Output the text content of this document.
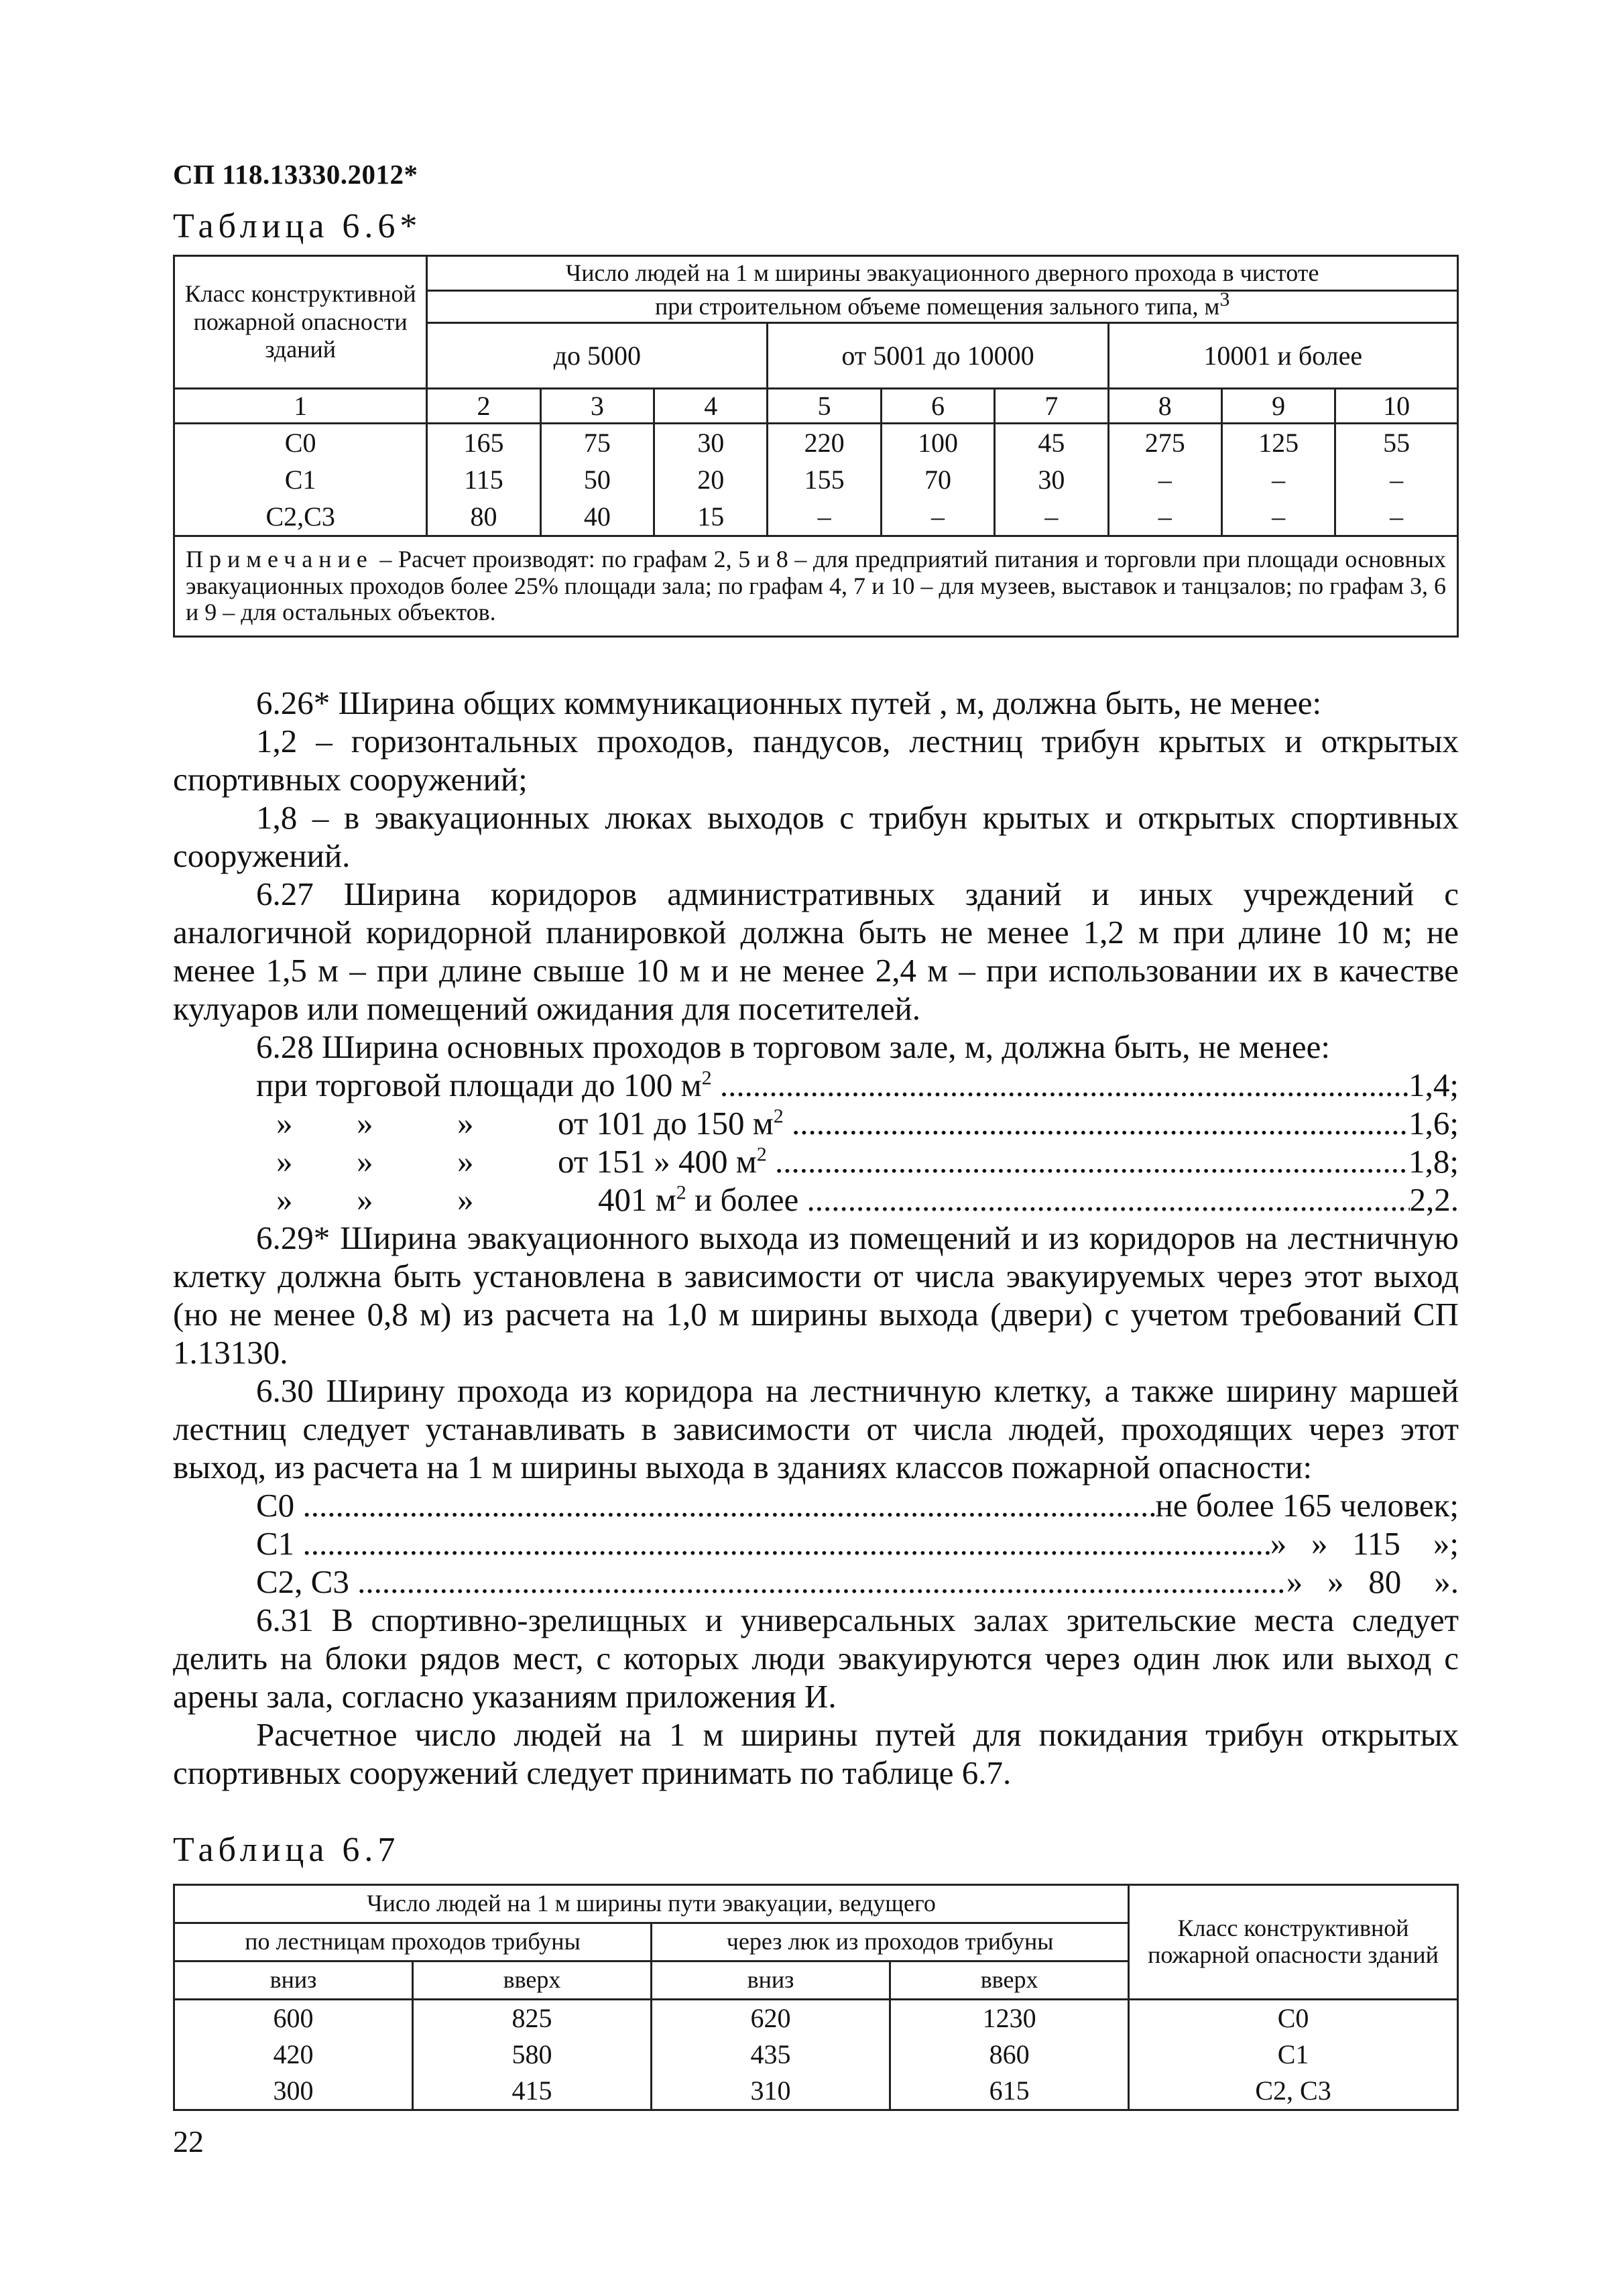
СП 118.13330.2012*
Таблица 6.6*
Класс конструктивной пожарной опасности зданий	Число людей на 1 м ширины эвакуационного дверного прохода в чистоте								
	при строительном объеме помещения зального типа, $м^3$
	до 5000			от 5001 до 10000			10001 и более		
1	2	3	4	5	6	7	8	9	10
С0	165	75	30	220	100	45	275	125	55
С1	115	50	20	155	70	30	–	–	–
С2,С3	80	40	15	–	–	–	–	–	–
Примечание – Расчет производят: по графам 2, 5 и 8 – для предприятий питания и торговли при площади основных эвакуационных проходов более 25% площади зала; по графам 4, 7 и 10 – для музеев, выставок и танцзалов; по графам 3, 6 и 9 – для остальных объектов.									

6.26* Ширина общих коммуникационных путей , м, должна быть, не менее:

1,2 – горизонтальных проходов, пандусов, лестниц трибун крытых и открытых спортивных сооружений;

1,8 – в эвакуационных люках выходов с трибун крытых и открытых спортивных сооружений.

6.27 Ширина коридоров административных зданий и иных учреждений с аналогичной коридорной планировкой должна быть не менее 1,2 м при длине 10 м; не менее 1,5 м – при длине свыше 10 м и не менее 2,4 м – при использовании их в качестве кулуаров или помещений ожидания для посетителей.

6.28 Ширина основных проходов в торговом зале, м, должна быть, не менее:

при торговой площади до 100 $м^2$ .....	1,4;
» »	»	от 101 до 150 $м^2$ .....	1,6;
» »	»	от 151 » 400 $м^2$ .....	1,8;
» »	»	401 $м^2$ и более .....	2,2.

6.29* Ширина эвакуационного выхода из помещений и из коридоров на лестничную клетку должна быть установлена в зависимости от числа эвакуируемых через этот выход (но не менее 0,8 м) из расчета на 1,0 м ширины выхода (двери) с учетом требований СП 1.13130.

6.30 Ширину прохода из коридора на лестничную клетку, а также ширину маршей лестниц следует устанавливать в зависимости от числа людей, проходящих через этот выход, из расчета на 1 м ширины выхода в зданиях классов пожарной опасности:

С0 .....	не более 165 человек;
С1 .....	»   »   115    »;
С2, С3 .....	»   »   80    ».

6.31 В спортивно-зрелищных и универсальных залах зрительские места следует делить на блоки рядов мест, с которых люди эвакуируются через один люк или выход с арены зала, согласно указаниям приложения И.

Расчетное число людей на 1 м ширины путей для покидания трибун открытых спортивных сооружений следует принимать по таблице 6.7.

Таблица 6.7
Число людей на 1 м ширины пути эвакуации, ведущего				Класс конструктивной пожарной опасности зданий
по лестницам проходов трибуны		через люк из проходов трибуны		
вниз	вверх	вниз	вверх	
600	825	620	1230	С0
420	580	435	860	С1
300	415	310	615	С2, С3
22
